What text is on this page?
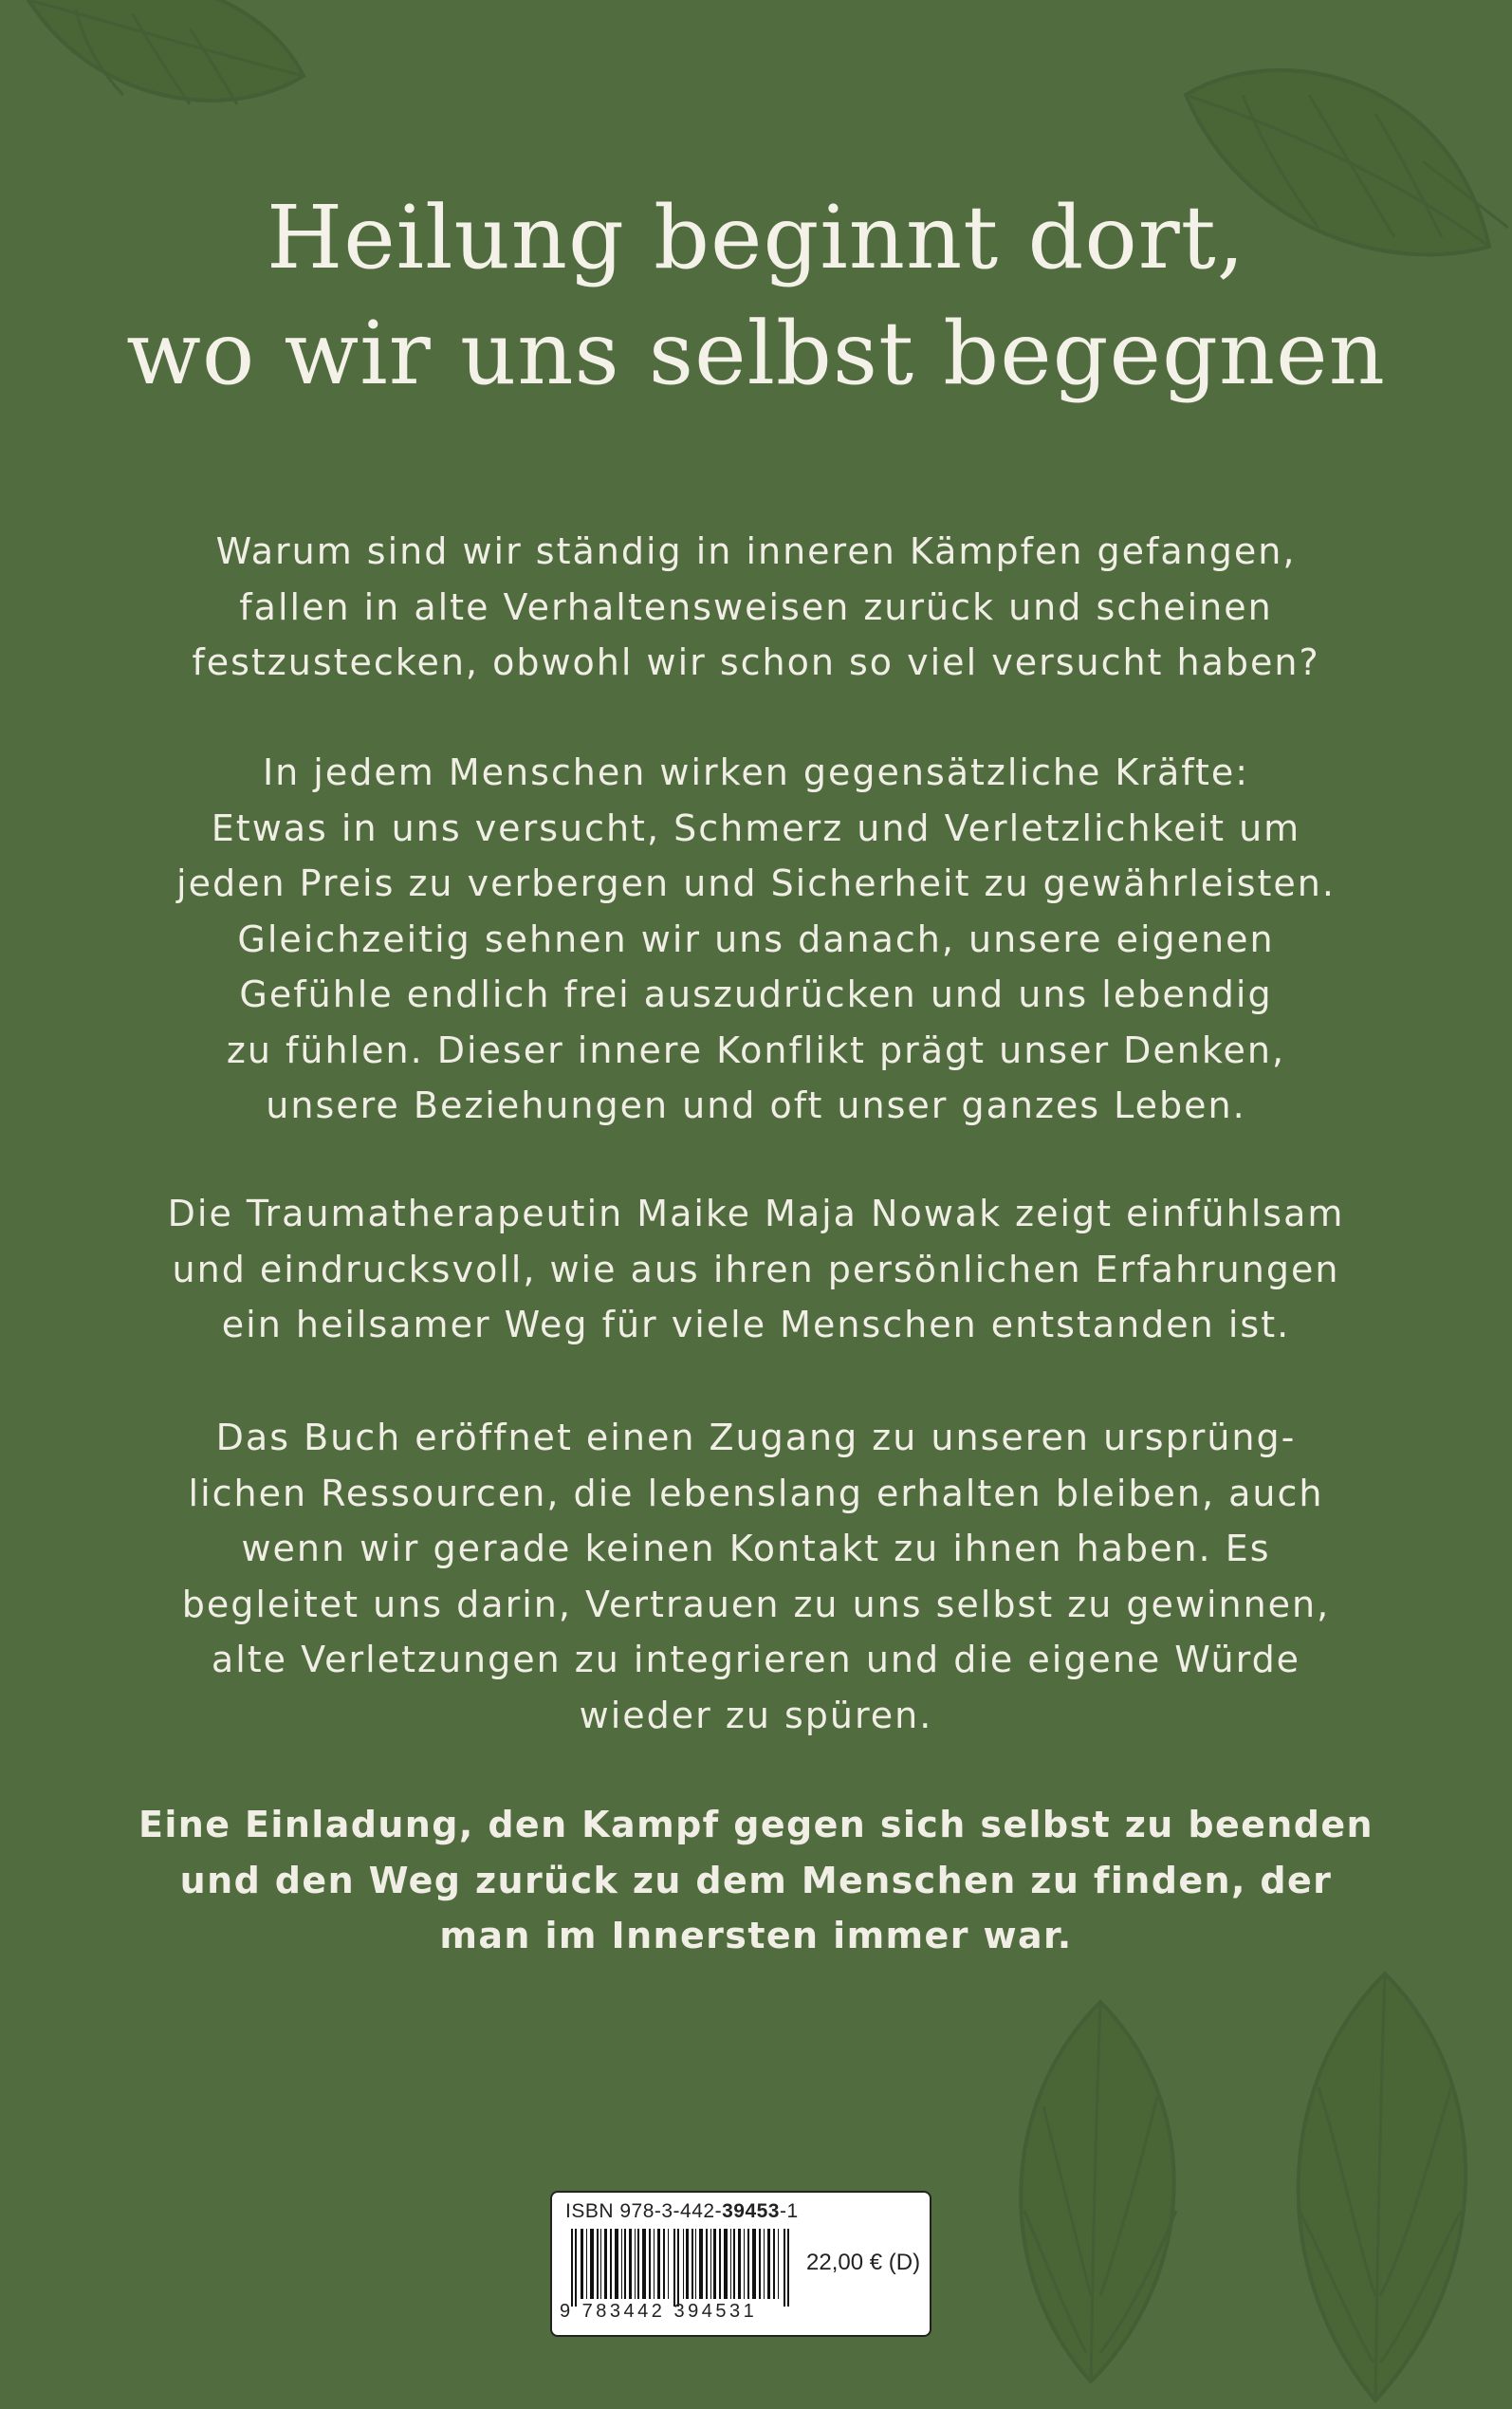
Heilung beginnt dort,
wo wir uns selbst begegnen
Warum sind wir ständig in inneren Kämpfen gefangen,
fallen in alte Verhaltensweisen zurück und scheinen
festzustecken, obwohl wir schon so viel versucht haben?
In jedem Menschen wirken gegensätzliche Kräfte:
Etwas in uns versucht, Schmerz und Verletzlichkeit um
jeden Preis zu verbergen und Sicherheit zu gewährleisten.
Gleichzeitig sehnen wir uns danach, unsere eigenen
Gefühle endlich frei auszudrücken und uns lebendig
zu fühlen. Dieser innere Konflikt prägt unser Denken,
unsere Beziehungen und oft unser ganzes Leben.
Die Traumatherapeutin Maike Maja Nowak zeigt einfühlsam
und eindrucksvoll, wie aus ihren persönlichen Erfahrungen
ein heilsamer Weg für viele Menschen entstanden ist.
Das Buch eröffnet einen Zugang zu unseren ursprüng-
lichen Ressourcen, die lebenslang erhalten bleiben, auch
wenn wir gerade keinen Kontakt zu ihnen haben. Es
begleitet uns darin, Vertrauen zu uns selbst zu gewinnen,
alte Verletzungen zu integrieren und die eigene Würde
wieder zu spüren.
Eine Einladung, den Kampf gegen sich selbst zu beenden
und den Weg zurück zu dem Menschen zu finden, der
man im Innersten immer war.
ISBN 978-3-442-39453-1
22,00 € (D)
9 783442 394531
